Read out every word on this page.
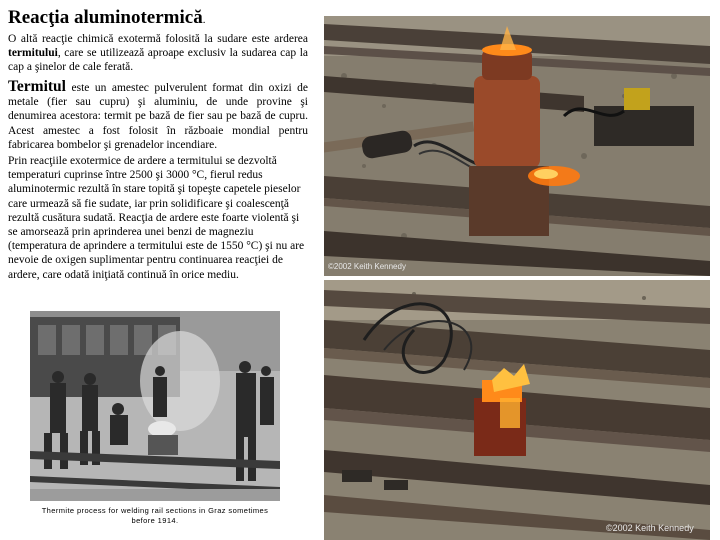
Reacţia aluminotermică.
O altă reacţie chimică exotermă folosită la sudare este arderea termitului, care se utilizează aproape exclusiv la sudarea cap la cap a şinelor de cale ferată.
Termitul este un amestec pulverulent format din oxizi de metale (fier sau cupru) şi aluminiu, de unde provine şi denumirea acestora: termit pe bază de fier sau pe bază de cupru. Acest amestec a fost folosit în războaie mondial pentru fabricarea bombelor şi grenadelor incendiare.
Prin reacţiile exotermice de ardere a termitului se dezvoltă temperaturi cuprinse între 2500 şi 3000 °C, fierul redus aluminotermic rezultă în stare topită şi topeşte capetele pieselor care urmează să fie sudate, iar prin solidificare şi coalescenţă rezultă cusătura sudată. Reacţia de ardere este foarte violentă şi se amorsează prin aprinderea unei benzi de magneziu (temperatura de aprindere a termitului este de 1550 °C) şi nu are nevoie de oxigen suplimentar pentru continuarea reacţiei de ardere, care odată iniţiată continuă în orice mediu.
©2002 Keith Kennedy
©2002 Keith Kennedy
Thermite process for welding rail sections in Graz sometimes before 1914.
